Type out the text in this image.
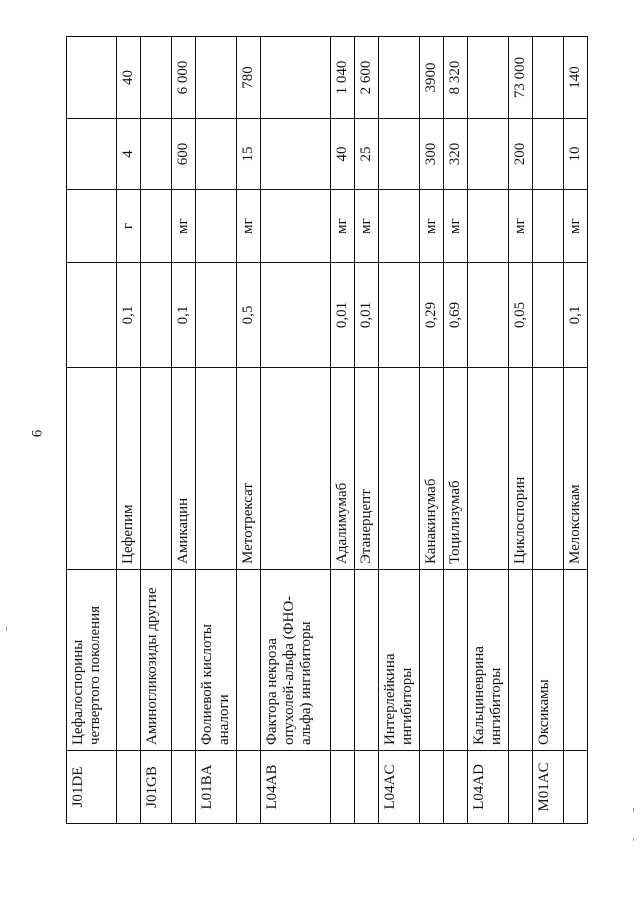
6
J01DE	Цефалоспорины четвертого поколения					
		Цефепим	0,1	г	4	40
J01GB	Аминогликозиды другие					
		Амикацин	0,1	мг	600	6 000
L01BA	Фолиевой кислоты аналоги					
		Метотрексат	0,5	мг	15	780
L04AB	Фактора некроза опухолей-альфа (ФНО-альфа) ингибиторы					
		Адалимумаб	0,01	мг	40	1 040
		Этанерцепт	0,01	мг	25	2 600
L04AC	Интерлейкина ингибиторы					
		Канакинумаб	0,29	мг	300	3900
		Тоцилизумаб	0,69	мг	320	8 320
L04AD	Кальциневрина ингибиторы					
		Циклоспорин	0,05	мг	200	73 000
M01AC	Оксикамы					
		Мелоксикам	0,1	мг	10	140
